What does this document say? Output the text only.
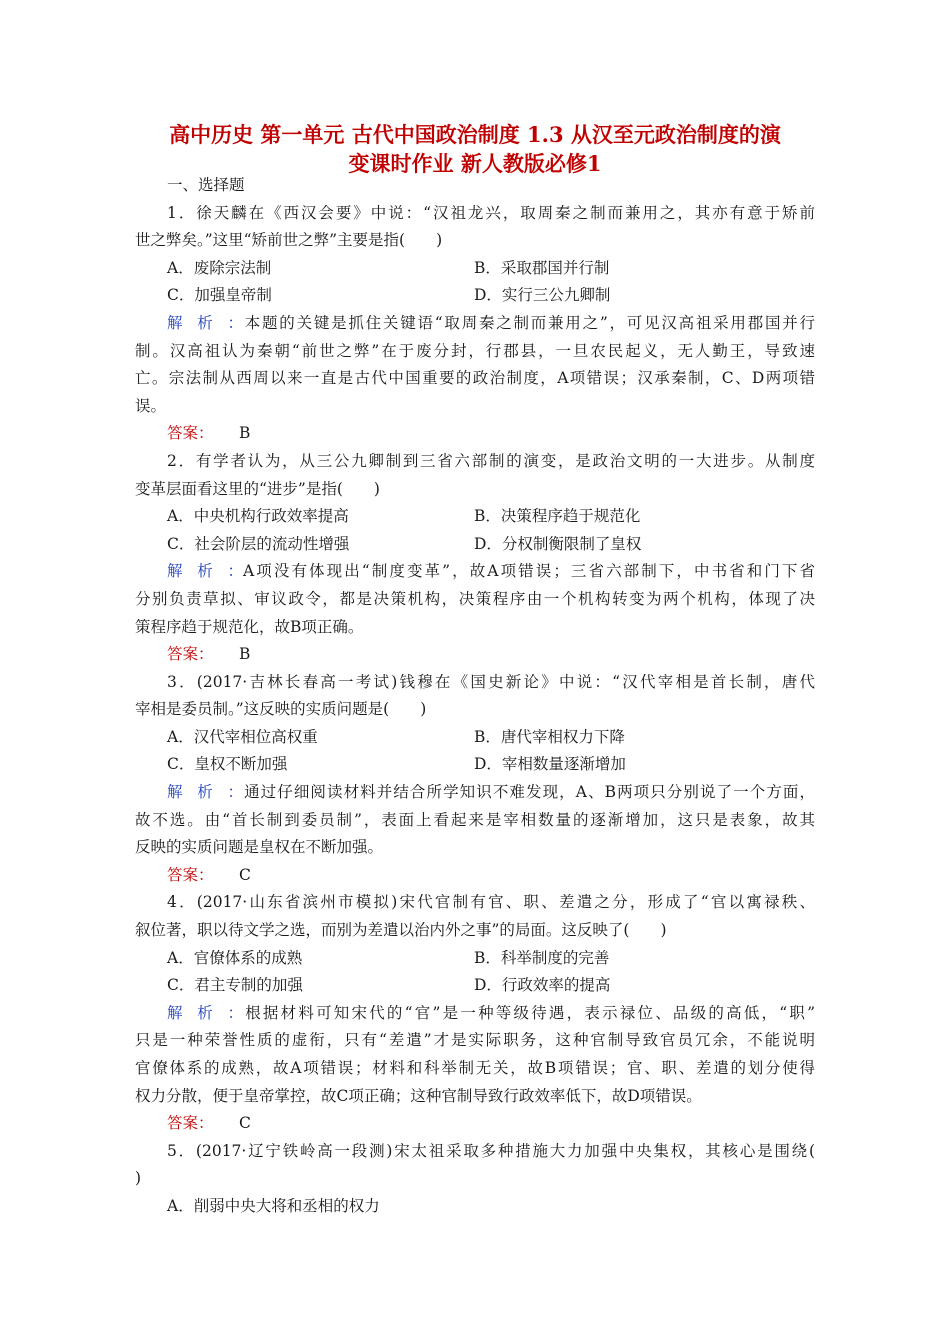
高中历史 第一单元 古代中国政治制度 1.3 从汉至元政治制度的演
变课时作业 新人教版必修1
一、选择题
1．徐天麟在《西汉会要》中说：“汉祖龙兴，取周秦之制而兼用之，其亦有意于矫前
世之弊矣。”这里“矫前世之弊”主要是指(　　)
A．废除宗法制	B．采取郡国并行制
C．加强皇帝制	D．实行三公九卿制
解析：本题的关键是抓住关键语“取周秦之制而兼用之”，可见汉高祖采用郡国并行
制。汉高祖认为秦朝“前世之弊”在于废分封，行郡县，一旦农民起义，无人勤王，导致速
亡。宗法制从西周以来一直是古代中国重要的政治制度，A项错误；汉承秦制，C、D两项错
误。
答案： B
2．有学者认为，从三公九卿制到三省六部制的演变，是政治文明的一大进步。从制度
变革层面看这里的“进步”是指(　　)
A．中央机构行政效率提高	B．决策程序趋于规范化
C．社会阶层的流动性增强	D．分权制衡限制了皇权
解析：A项没有体现出“制度变革”，故A项错误；三省六部制下，中书省和门下省
分别负责草拟、审议政令，都是决策机构，决策程序由一个机构转变为两个机构，体现了决
策程序趋于规范化，故B项正确。
答案： B
3．(2017·吉林长春高一考试)钱穆在《国史新论》中说：“汉代宰相是首长制，唐代
宰相是委员制。”这反映的实质问题是(　　)
A．汉代宰相位高权重	B．唐代宰相权力下降
C．皇权不断加强	D．宰相数量逐渐增加
解析：通过仔细阅读材料并结合所学知识不难发现，A、B两项只分别说了一个方面，
故不选。由“首长制到委员制”，表面上看起来是宰相数量的逐渐增加，这只是表象，故其
反映的实质问题是皇权在不断加强。
答案： C
4．(2017·山东省滨州市模拟)宋代官制有官、职、差遣之分，形成了“官以寓禄秩、
叙位著，职以待文学之选，而别为差遣以治内外之事”的局面。这反映了(　　)
A．官僚体系的成熟	B．科举制度的完善
C．君主专制的加强	D．行政效率的提高
解析：根据材料可知宋代的“官”是一种等级待遇，表示禄位、品级的高低，“职”
只是一种荣誉性质的虚衔，只有“差遣”才是实际职务，这种官制导致官员冗余，不能说明
官僚体系的成熟，故A项错误；材料和科举制无关，故B项错误；官、职、差遣的划分使得
权力分散，便于皇帝掌控，故C项正确；这种官制导致行政效率低下，故D项错误。
答案： C
5．(2017·辽宁铁岭高一段测)宋太祖采取多种措施大力加强中央集权，其核心是围绕(
)
A．削弱中央大将和丞相的权力
